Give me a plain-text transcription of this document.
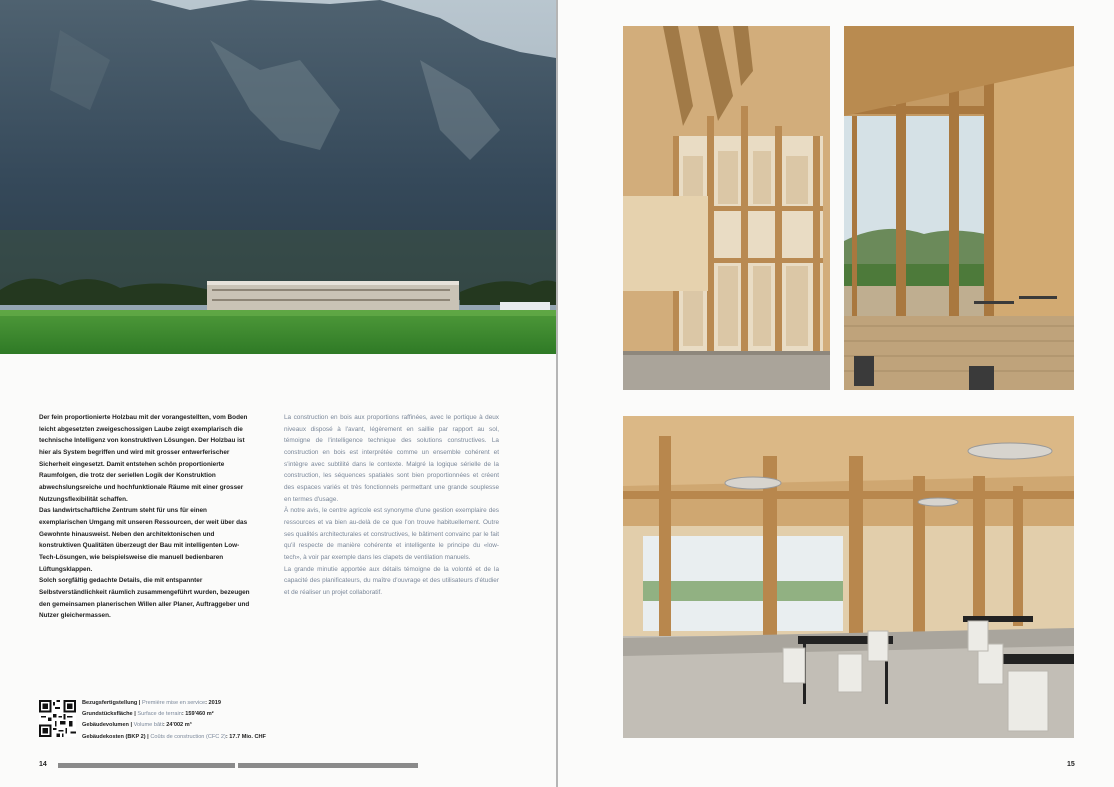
Der fein proportionierte Holzbau mit der vorangestellten, vom Boden leicht abgesetzten zweigeschossigen Laube zeigt exemplarisch die technische Intelligenz von konstruktiven Lösungen. Der Holzbau ist hier als System begriffen und wird mit grosser entwerferischer Sicherheit eingesetzt. Damit entstehen schön proportionierte Raumfolgen, die trotz der seriellen Logik der Konstruktion abwechslungsreiche und hochfunktionale Räume mit einer grosser Nutzungsflexibilität schaffen.

Das landwirtschaftliche Zentrum steht für uns für einen exemplarischen Umgang mit unseren Ressourcen, der weit über das Gewohnte hinausweist. Neben den architektonischen und konstruktiven Qualitäten überzeugt der Bau mit intelligenten Low-Tech-Lösungen, wie beispielsweise die manuell bedienbaren Lüftungsklappen.

Solch sorgfältig gedachte Details, die mit entspannter Selbstverständlichkeit räumlich zusammengeführt wurden, bezeugen den gemeinsamen planerischen Willen aller Planer, Auftraggeber und Nutzer gleichermassen.

La construction en bois aux proportions raffinées, avec le portique à deux niveaux disposé à l'avant, légèrement en saillie par rapport au sol, témoigne de l'intelligence technique des solutions constructives. La construction en bois est interprétée comme un ensemble cohérent et s'intègre avec subtilité dans le contexte. Malgré la logique sérielle de la construction, les séquences spatiales sont bien proportionnées et créent des espaces variés et très fonctionnels permettant une grande souplesse en termes d'usage.

À notre avis, le centre agricole est synonyme d'une gestion exemplaire des ressources et va bien au-delà de ce que l'on trouve habituellement. Outre ses qualités architecturales et constructives, le bâtiment convainc par le fait qu'il respecte de manière cohérente et intelligente le principe du «low-tech», à voir par exemple dans les clapets de ventilation manuels.

La grande minutie apportée aux détails témoigne de la volonté et de la capacité des planificateurs, du maître d'ouvrage et des utilisateurs d'étudier et de réaliser un projet collaboratif.

Bezugsfertigstellung | Première mise en service: 2019
Grundstücksfläche | Surface de terrain: 159'460 m²
Gebäudevolumen | Volume bâti: 24'002 m³
Gebäudekosten (BKP 2) | Coûts de construction (CFC 2): 17.7 Mio. CHF
14	15
